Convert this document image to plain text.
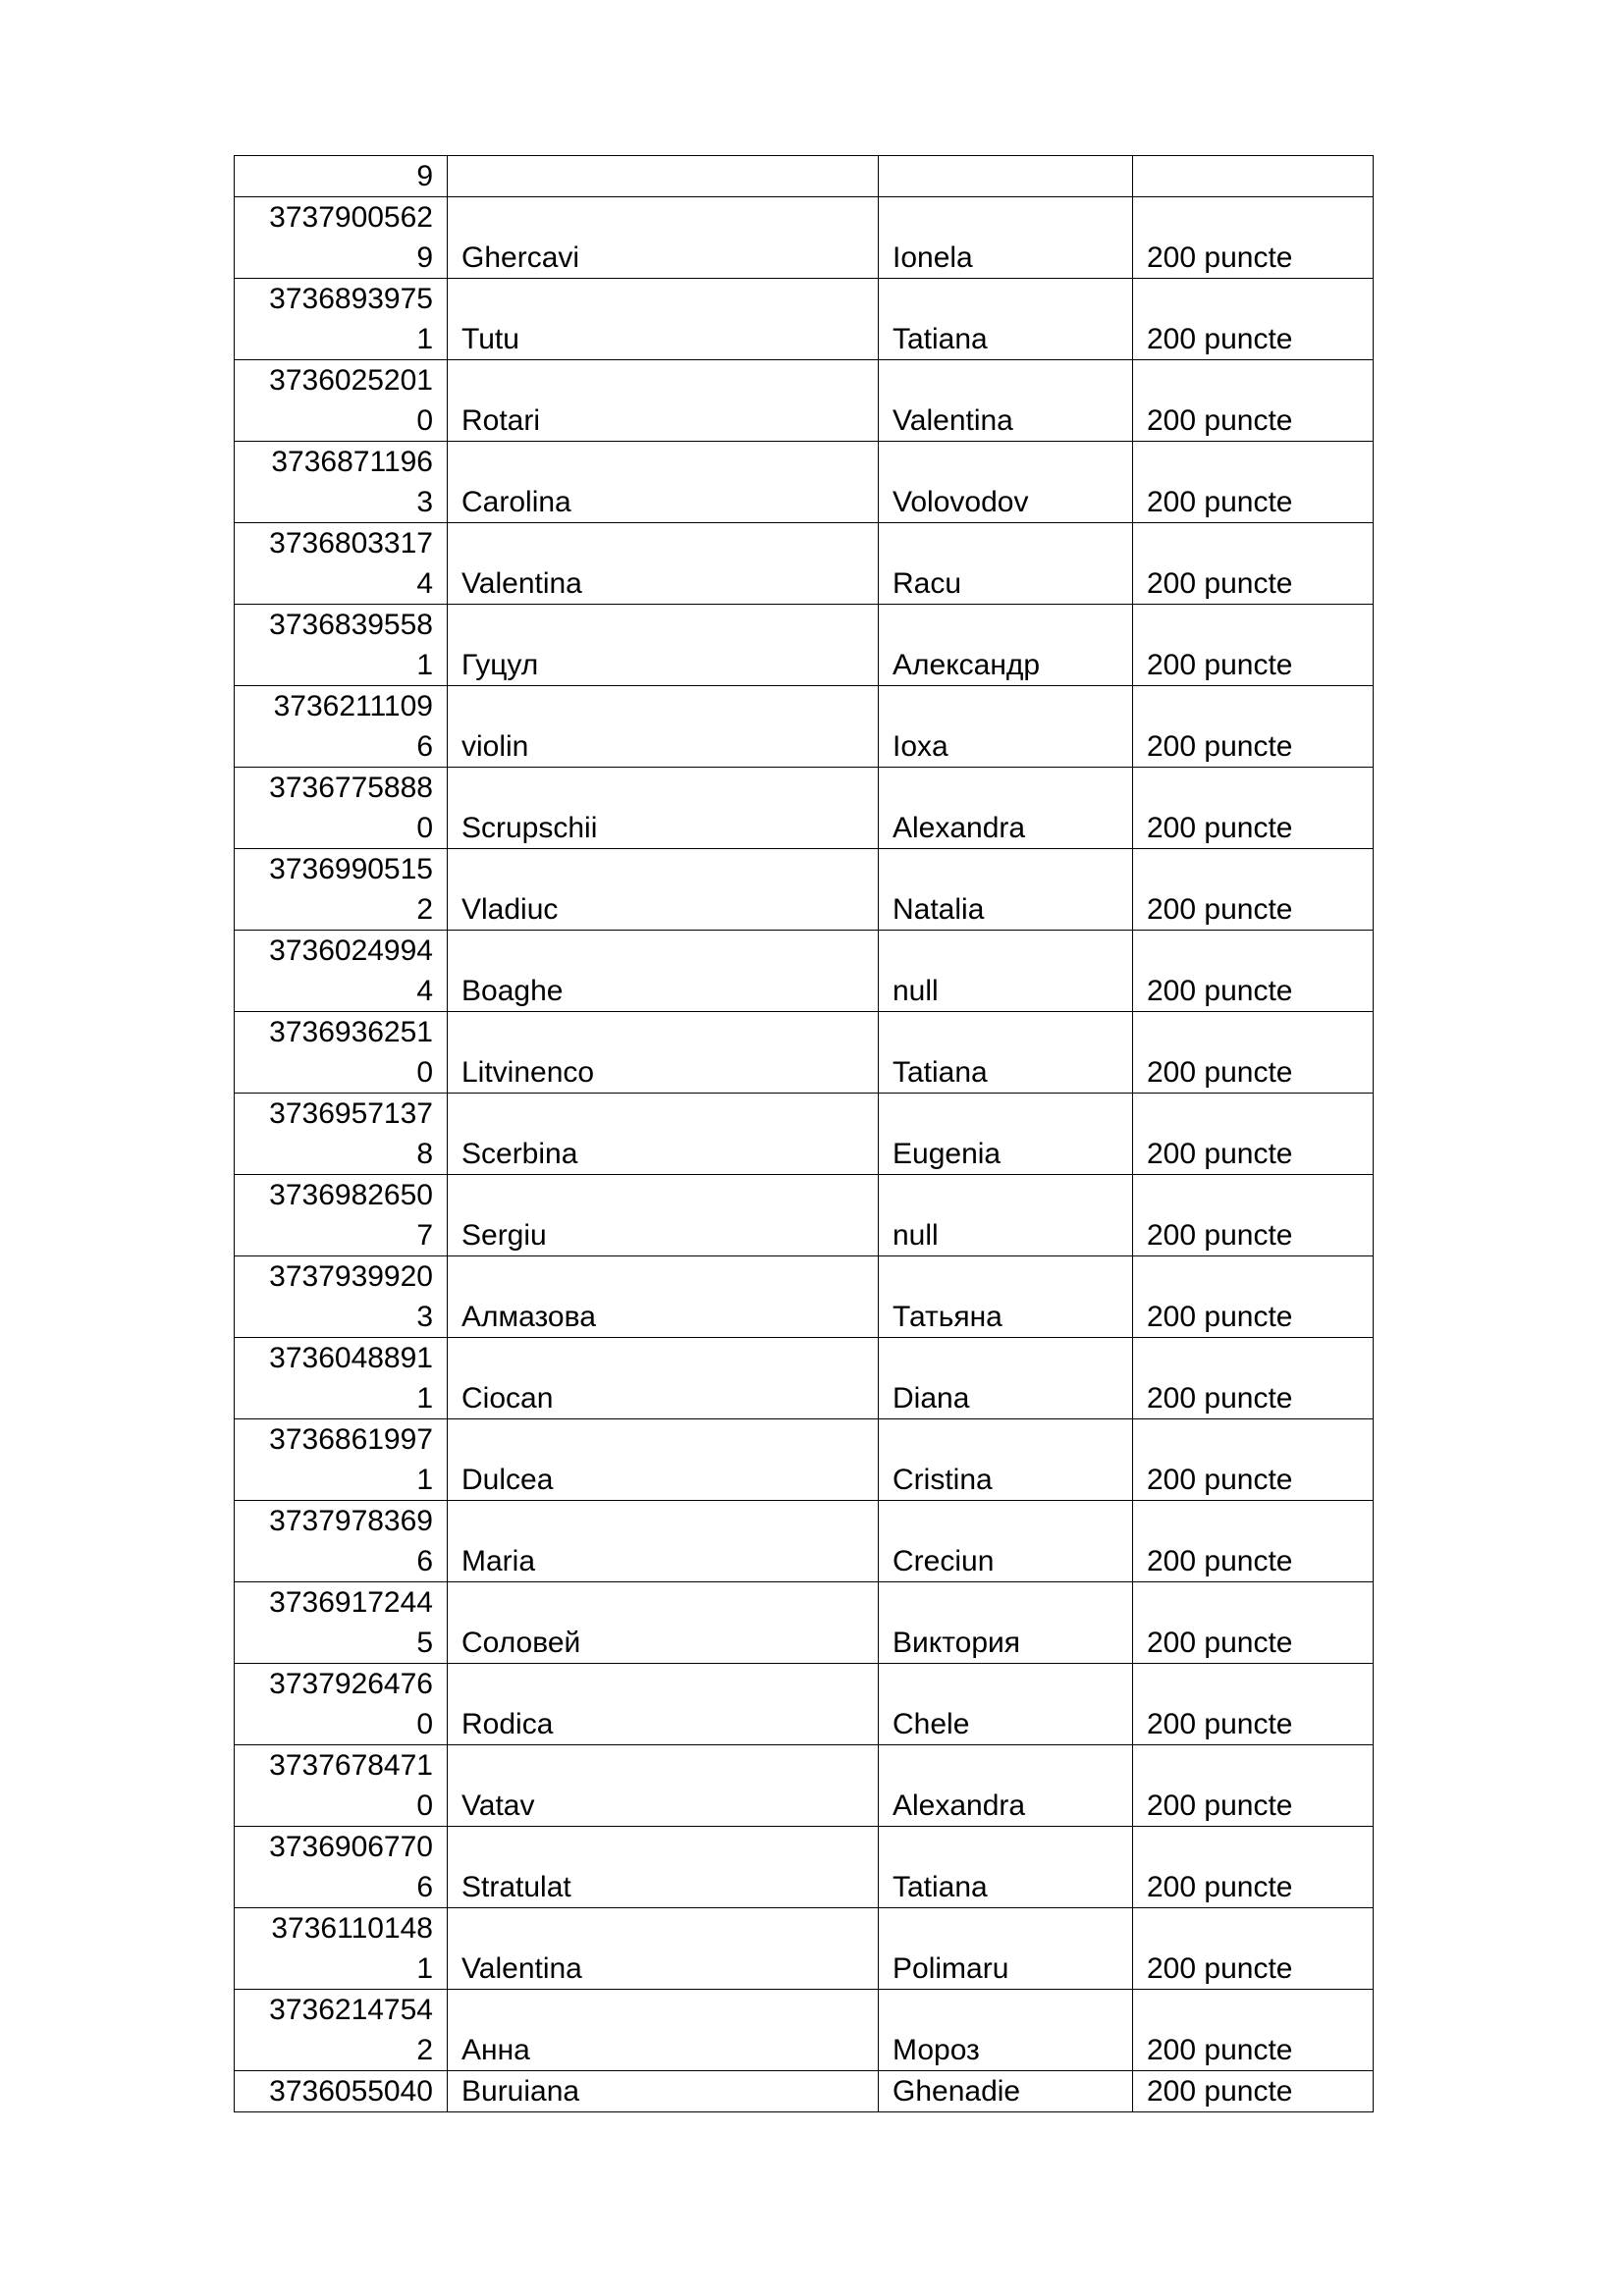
9			

3737900562
9	Ghercavi	Ionela	200 puncte

3736893975
1	Tutu	Tatiana	200 puncte

3736025201
0	Rotari	Valentina	200 puncte

3736871196
3	Carolina	Volovodov	200 puncte

3736803317
4	Valentina	Racu	200 puncte

3736839558
1	Гуцул	Александр	200 puncte

3736211109
6	violin	Ioxa	200 puncte

3736775888
0	Scrupschii	Alexandra	200 puncte

3736990515
2	Vladiuc	Natalia	200 puncte

3736024994
4	Boaghe	null	200 puncte

3736936251
0	Litvinenco	Tatiana	200 puncte

3736957137
8	Scerbina	Eugenia	200 puncte

3736982650
7	Sergiu	null	200 puncte

3737939920
3	Алмазова	Татьяна	200 puncte

3736048891
1	Ciocan	Diana	200 puncte

3736861997
1	Dulcea	Cristina	200 puncte

3737978369
6	Maria	Creciun	200 puncte

3736917244
5	Соловей	Виктория	200 puncte

3737926476
0	Rodica	Chele	200 puncte

3737678471
0	Vatav	Alexandra	200 puncte

3736906770
6	Stratulat	Tatiana	200 puncte

3736110148
1	Valentina	Polimaru	200 puncte

3736214754
2	Анна	Мороз	200 puncte

3736055040	Buruiana	Ghenadie	200 puncte
